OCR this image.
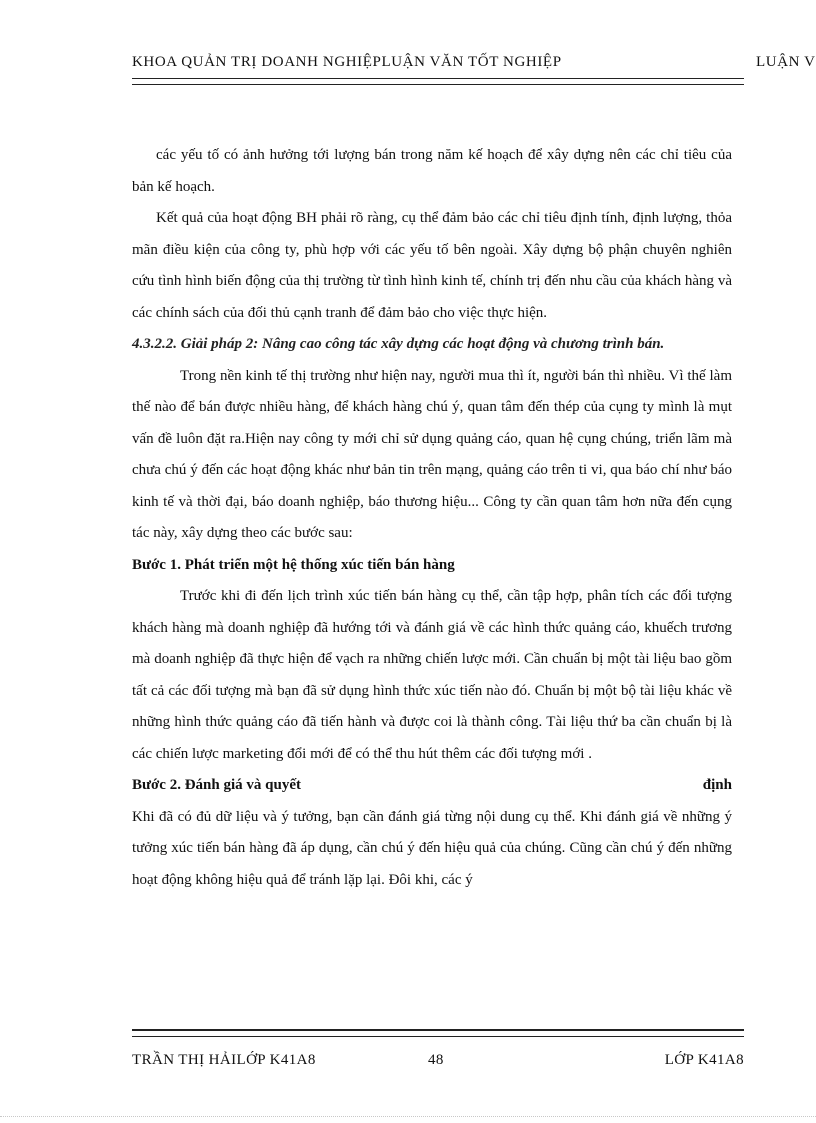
KHOA QUẢN TRỊ DOANH NGHIỆPLUẬN VĂN TỐT NGHIỆP	LUẬN V

các yếu tố có ảnh hưởng tới lượng bán trong năm kế hoạch để xây dựng nên các chỉ tiêu của bản kế hoạch.

Kết quả của hoạt động BH phải rõ ràng, cụ thể đảm bảo các chỉ tiêu định tính, định lượng, thỏa mãn điều kiện của công ty, phù hợp với các yếu tố bên ngoài. Xây dựng bộ phận chuyên nghiên cứu tình hình biến động của thị trường từ tình hình kinh tế, chính trị đến nhu cầu của khách hàng và các chính sách của đối thủ cạnh tranh để đảm bảo cho việc thực hiện.

4.3.2.2. Giải pháp 2: Nâng cao công tác xây dựng các hoạt động và chương trình bán.

Trong nền kinh tế thị trường như hiện nay, người mua thì ít, người bán thì nhiều. Vì thế làm thế nào để bán được nhiều hàng, để khách hàng chú ý, quan tâm đến thép của cụng ty mình là mụt vấn đề luôn đặt ra.Hiện nay công ty mới chỉ sử dụng quảng cáo, quan hệ cụng chúng, triển lãm mà chưa chú ý đến các hoạt động khác như bản tin trên mạng, quảng cáo trên ti vi, qua báo chí như báo kinh tế và thời đại, báo doanh nghiệp, báo thương hiệu... Công ty cần quan tâm hơn nữa đến cụng tác này, xây dựng theo các bước sau:

Bước 1. Phát triển một hệ thống xúc tiến bán hàng

Trước khi đi đến lịch trình xúc tiến bán hàng cụ thể, cần tập hợp, phân tích các đối tượng khách hàng mà doanh nghiệp đã hướng tới và đánh giá về các hình thức quảng cáo, khuếch trương mà doanh nghiệp đã thực hiện để vạch ra những chiến lược mới. Cần chuẩn bị một tài liệu bao gồm tất cả các đối tượng mà bạn đã sử dụng hình thức xúc tiến nào đó. Chuẩn bị một bộ tài liệu khác về những hình thức quảng cáo đã tiến hành và được coi là thành công. Tài liệu thứ ba cần chuẩn bị là các chiến lược marketing đổi mới để có thể thu hút thêm các đối tượng mới .

Bước 2. Đánh giá và quyết	định

Khi đã có đủ dữ liệu và ý tưởng, bạn cần đánh giá từng nội dung cụ thể. Khi đánh giá về những ý tưởng xúc tiến bán hàng đã áp dụng, cần chú ý đến hiệu quả của chúng. Cũng cần chú ý đến những hoạt động không hiệu quả để tránh lặp lại. Đôi khi, các ý

TRẦN THỊ HẢILỚP K41A8	48	LỚP K41A8
